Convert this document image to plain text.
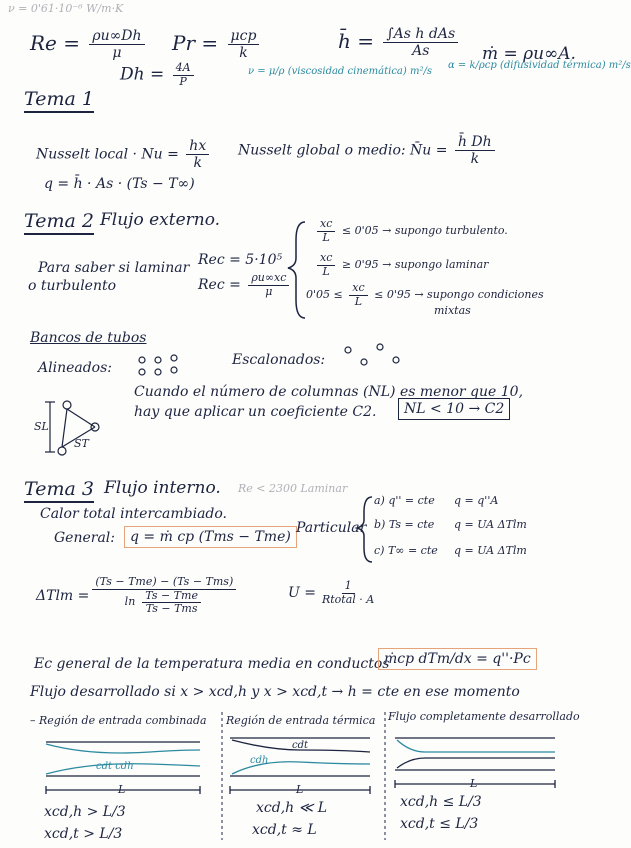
ν = 0'61·10⁻⁶ W/m·K
$Re = \frac{\rho u\infty Dh}{\mu}$ $Pr = \frac{\text{μcp}}{k}$	h̄ = $\frac{\text{∫As h dAs}}{As}$ ṁ = ρu∞A.
$Dh = \frac{4A}{P}$	ν = μ/ρ (viscosidad cinemática) m²/s
α = k/ρcp (difusividad térmica) m²/s
Tema 1
Nusselt local · $Nu = \frac{hx}{k}$ Nusselt global o medio: N̄u = $\frac{h̄ Dh}{k}$
q = h̄ · As · (Ts − T∞)
Tema 2 Flujo externo.
Para saber si laminar
o turbulento
Rec = 5·10⁵
Rec = $\frac{\rho u\infty xc}{\mu}$
$\frac{xc}{L} \le 0'05$ → supongo turbulento.
$\frac{xc}{L} \ge 0'95$ → supongo laminar
$0'05 \le \frac{xc}{L} \le 0'95$ → supongo condiciones
mixtas
Bancos de tubos
Alineados:	Escalonados:
SL
ST
Cuando el número de columnas (NL) es menor que 10,
hay que aplicar un coeficiente C2.	NL < 10 → C2
Tema 3 Flujo interno. Re < 2300 Laminar
Calor total intercambiado.
General:	q = ṁ cp (Tms − Tme)
Particular
a) q'' = cte q = q''A
b) Ts = cte q = UA ΔTlm
c) T∞ = cte q = UA ΔTlm
$\Delta Tlm = \frac{\text{(Ts − Tme) − (Ts − Tms)}}{\ln \frac{\text{Ts − Tme}}{\text{Ts − Tms}}}$	$U = \frac{1}{\text{Rtotal · A}}$
Ec general de la temperatura media en conductos
ṁcp dTm/dx = q''·Pc
Flujo desarrollado si x > xcd,h y x > xcd,t → h = cte en ese momento
– Región de entrada combinada Región de entrada térmica Flujo completamente desarrollado
cdt cdh
cdt
cdh
L	L	L
xcd,h > L/3
xcd,t > L/3
xcd,h ≪ L
xcd,t ≈ L
xcd,h ≤ L/3
xcd,t ≤ L/3
